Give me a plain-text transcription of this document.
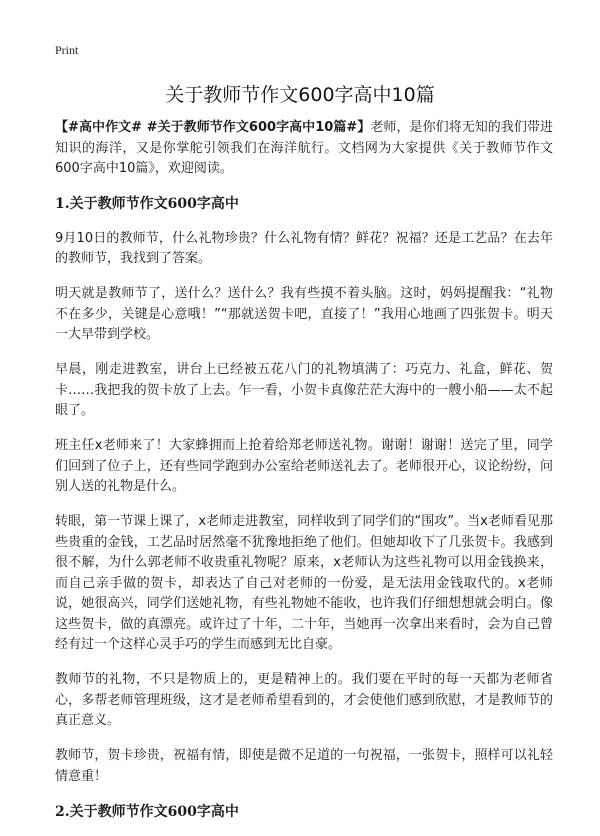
Print
关于教师节作文600字高中10篇

【#高中作文# #关于教师节作文600字高中10篇#】老师，是你们将无知的我们带进知识的海洋，又是你掌舵引领我们在海洋航行。文档网为大家提供《关于教师节作文600字高中10篇》，欢迎阅读。

1.关于教师节作文600字高中

9月10日的教师节，什么礼物珍贵？什么礼物有情？鲜花？祝福？还是工艺品？在去年的教师节，我找到了答案。

明天就是教师节了，送什么？送什么？我有些摸不着头脑。这时，妈妈提醒我：“礼物不在多少，关键是心意哦！”“那就送贺卡吧，直接了！”我用心地画了四张贺卡。明天一大早带到学校。

早晨，刚走进教室，讲台上已经被五花八门的礼物填满了：巧克力、礼盒，鲜花、贺卡……我把我的贺卡放了上去。乍一看，小贺卡真像茫茫大海中的一艘小船——太不起眼了。

班主任x老师来了！大家蜂拥而上抢着给郑老师送礼物。谢谢！谢谢！送完了里，同学们回到了位子上，还有些同学跑到办公室给老师送礼去了。老师很开心，议论纷纷，问别人送的礼物是什么。

转眼，第一节课上课了，x老师走进教室，同样收到了同学们的“围攻”。当x老师看见那些贵重的金钱，工艺品时居然毫不犹豫地拒绝了他们。但她却收下了几张贺卡。我感到很不解，为什么郭老师不收贵重礼物呢？原来，x老师认为这些礼物可以用金钱换来，而自己亲手做的贺卡，却表达了自己对老师的一份爱，是无法用金钱取代的。x老师说，她很高兴，同学们送她礼物，有些礼物她不能收，也许我们仔细想想就会明白。像这些贺卡，做的真漂亮。或许过了十年，二十年，当她再一次拿出来看时，会为自己曾经有过一个这样心灵手巧的学生而感到无比自豪。

教师节的礼物，不只是物质上的，更是精神上的。我们要在平时的每一天都为老师省心，多帮老师管理班级，这才是老师希望看到的，才会使他们感到欣慰，才是教师节的真正意义。

教师节，贺卡珍贵，祝福有情，即使是微不足道的一句祝福，一张贺卡，照样可以礼轻情意重！

2.关于教师节作文600字高中
